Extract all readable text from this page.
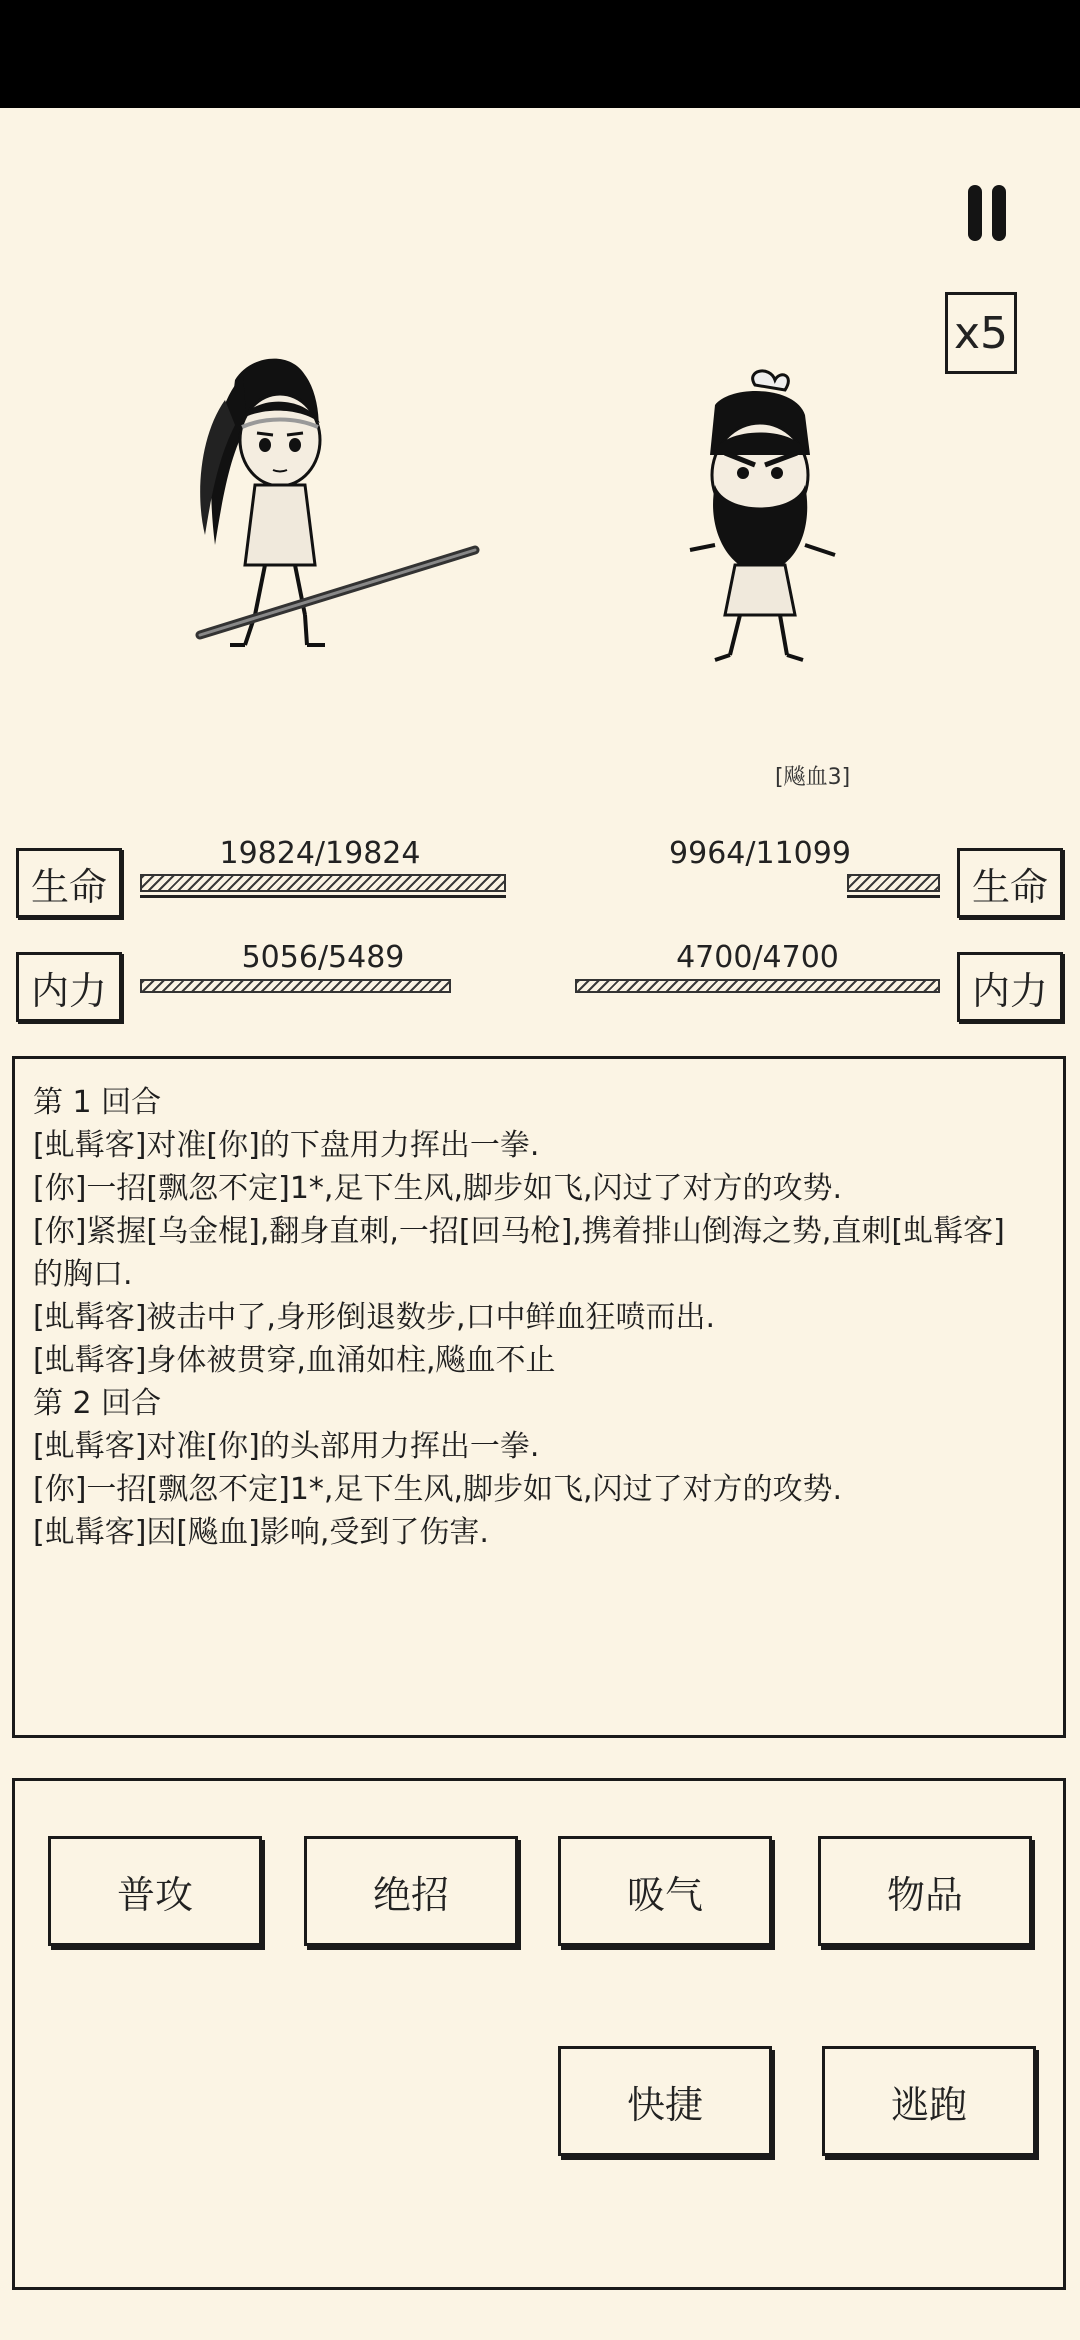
x5
[飚血3]
生命
19824/19824	9964/11099
生命
内力
5056/5489	4700/4700
内力
第 1 回合
[虬髯客]对准[你]的下盘用力挥出一拳.
[你]一招[飘忽不定]1*,足下生风,脚步如飞,闪过了对方的攻势.
[你]紧握[乌金棍],翻身直刺,一招[回马枪],携着排山倒海之势,直刺[虬髯客]
的胸口.
[虬髯客]被击中了,身形倒退数步,口中鲜血狂喷而出.
[虬髯客]身体被贯穿,血涌如柱,飚血不止
第 2 回合
[虬髯客]对准[你]的头部用力挥出一拳.
[你]一招[飘忽不定]1*,足下生风,脚步如飞,闪过了对方的攻势.
[虬髯客]因[飚血]影响,受到了伤害.
普攻	绝招	吸气	物品
快捷	逃跑
